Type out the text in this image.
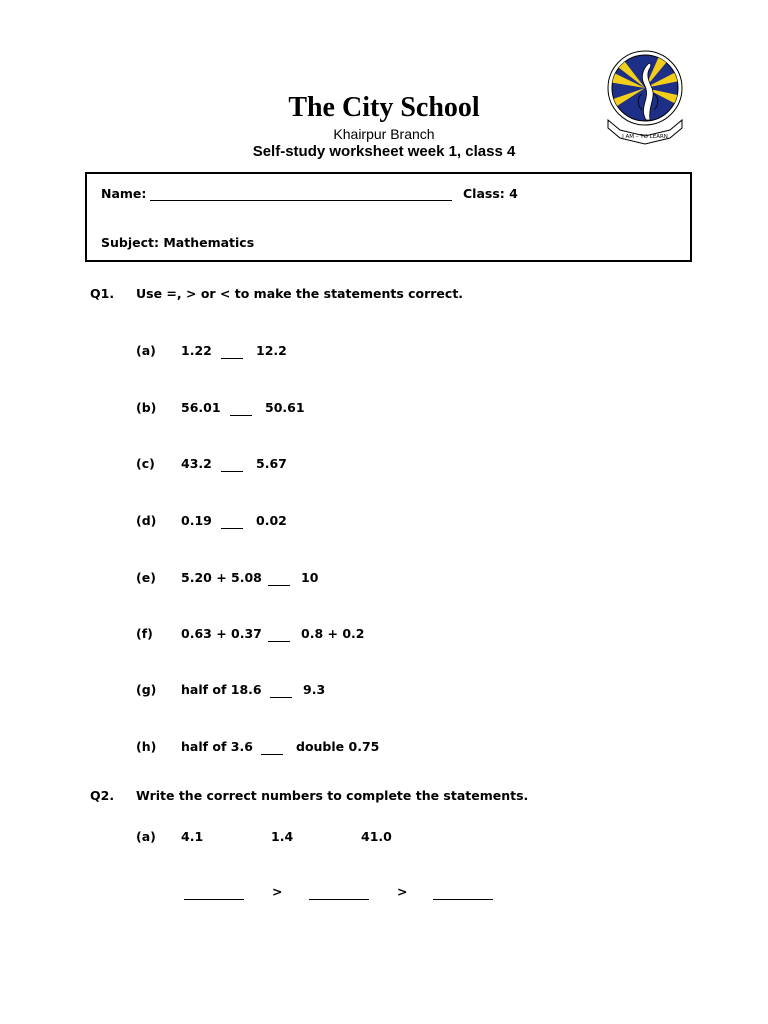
The City School
Khairpur Branch
Self-study worksheet week 1, class 4
I AM – TO LEARN
Name:	Class: 4
Subject: Mathematics
Q1. Use =, > or < to make the statements correct.
(a) 1.22	12.2
(b) 56.01	50.61
(c) 43.2	5.67
(d) 0.19	0.02
(e) 5.20 + 5.08	10
(f) 0.63 + 0.37	0.8 + 0.2
(g) half of 18.6	9.3
(h) half of 3.6	double 0.75
Q2. Write the correct numbers to complete the statements.
(a) 4.1	1.4	41.0
>	>
